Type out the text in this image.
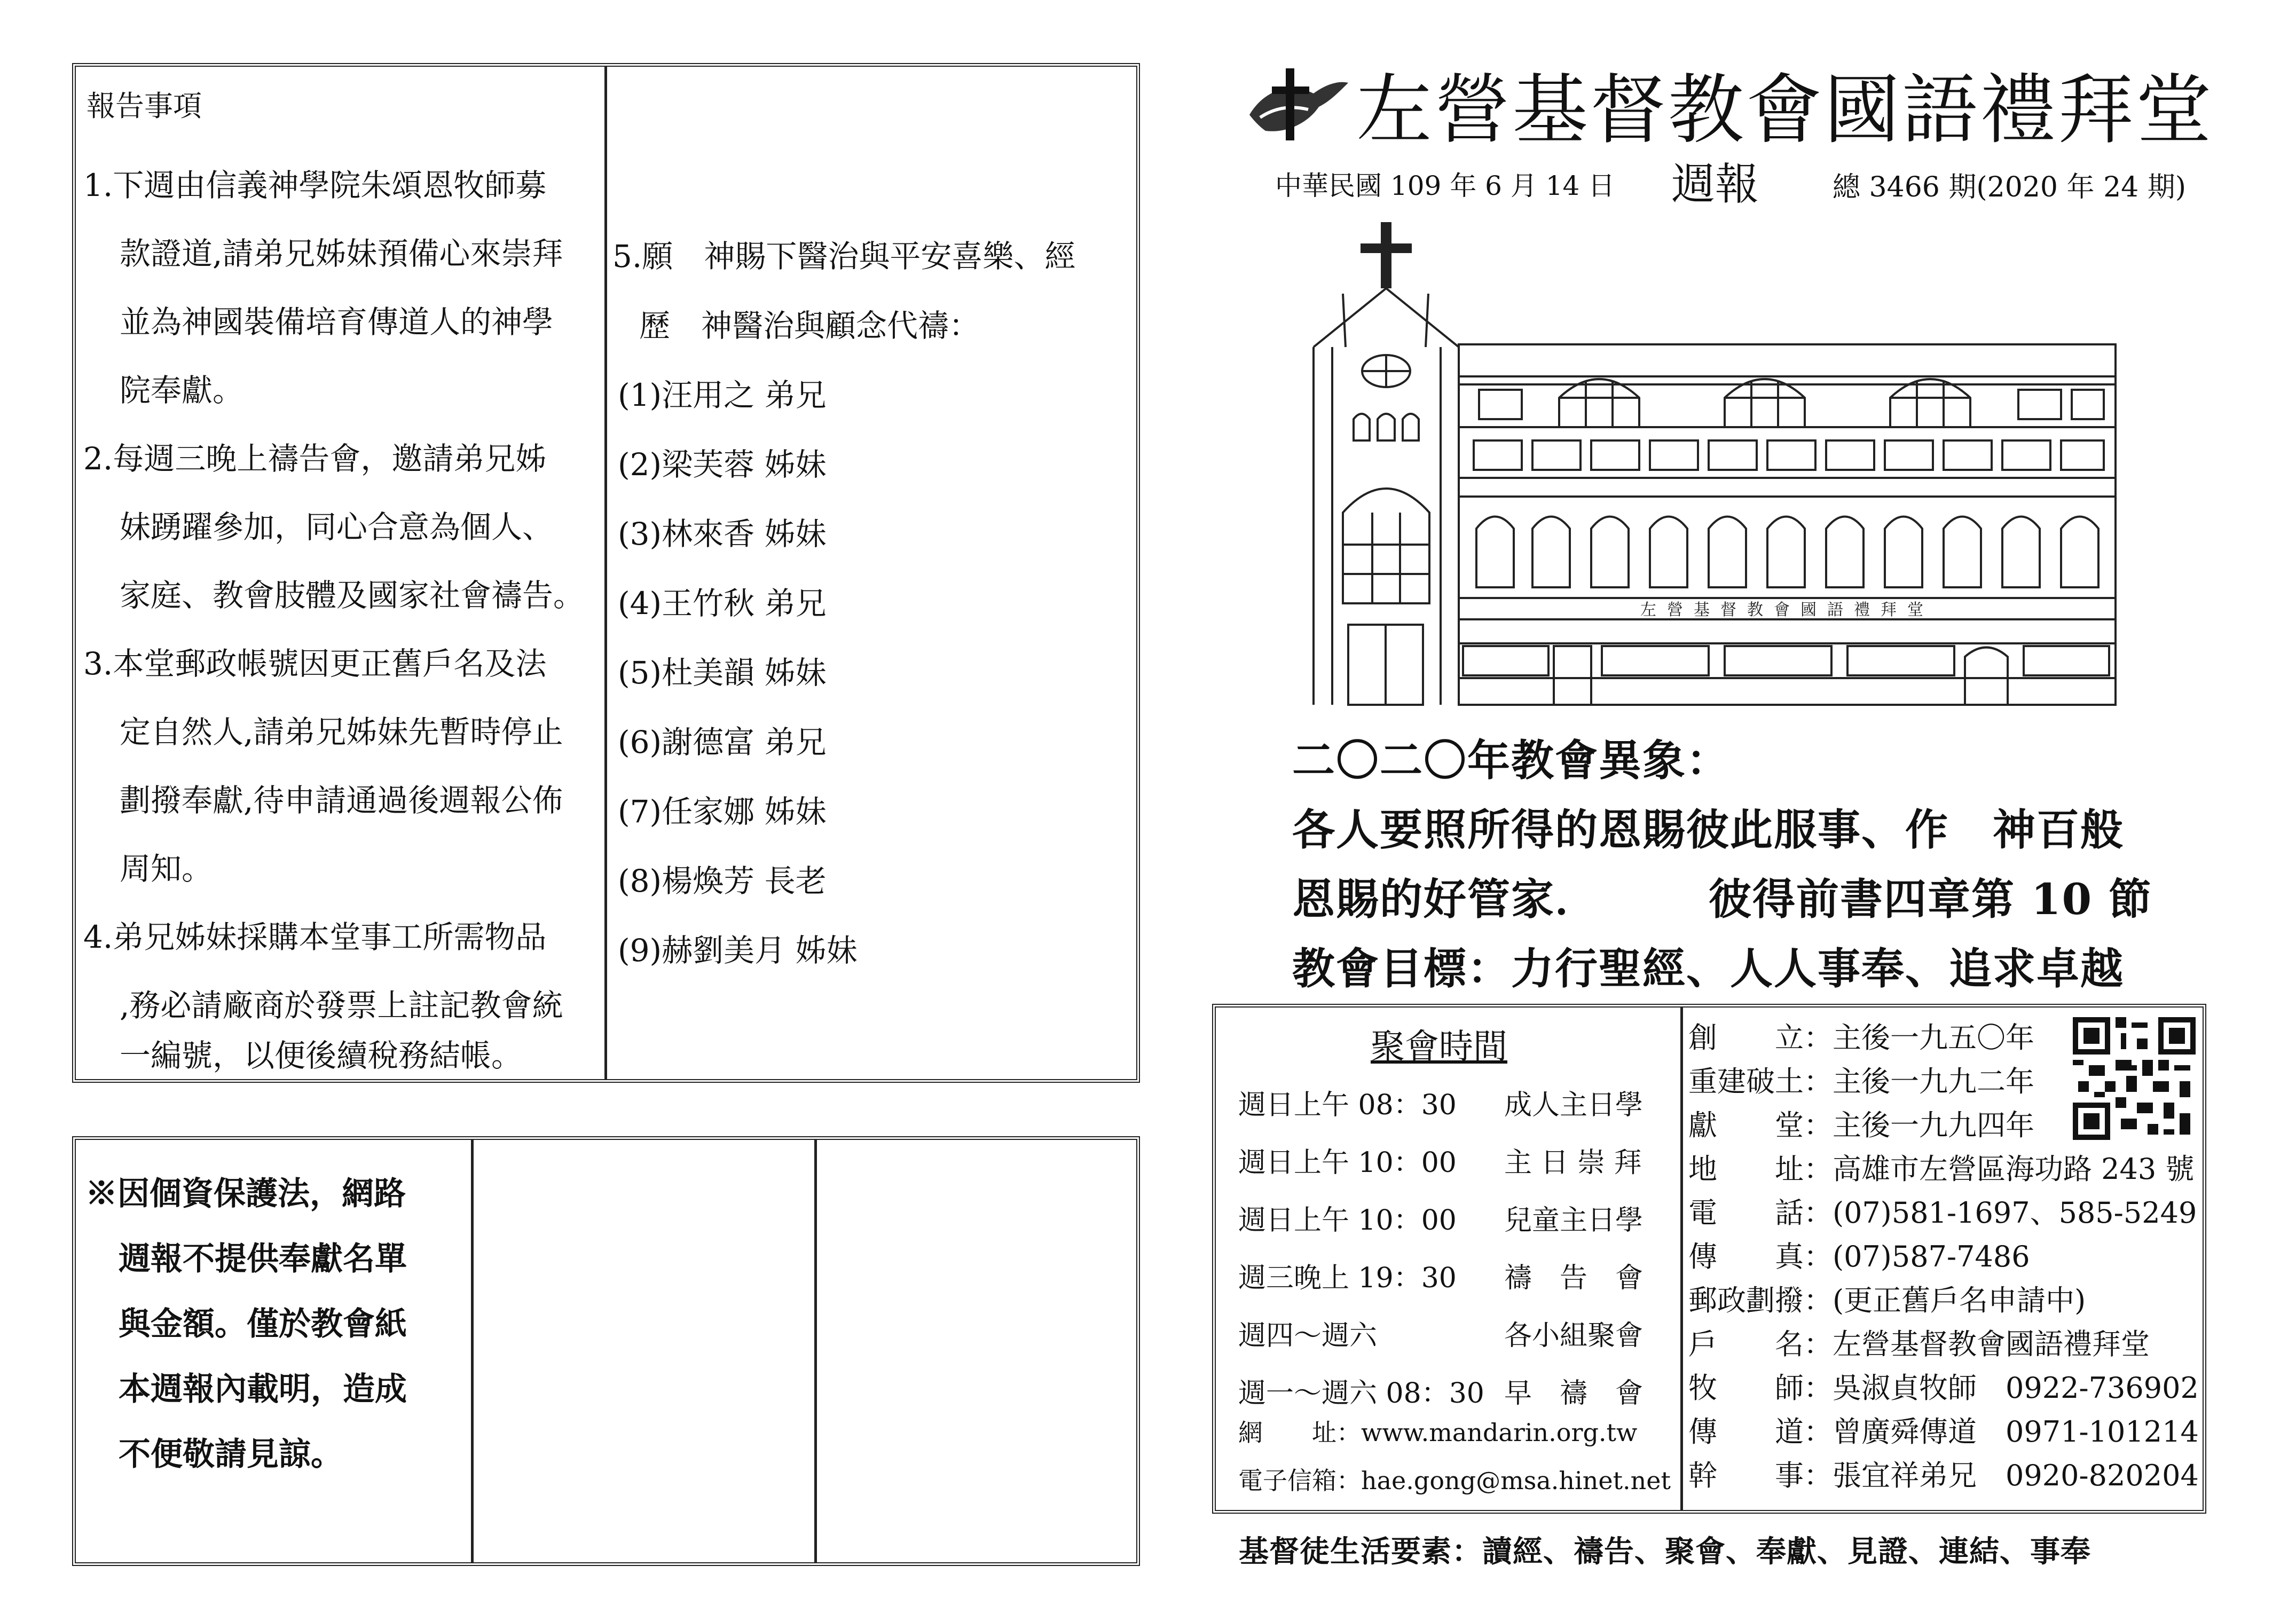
報告事項
1.下週由信義神學院朱頌恩牧師募
款證道,請弟兄姊妹預備心來崇拜
並為神國裝備培育傳道人的神學
院奉獻。
2.每週三晚上禱告會，邀請弟兄姊
妹踴躍參加，同心合意為個人、
家庭、教會肢體及國家社會禱告。
3.本堂郵政帳號因更正舊戶名及法
定自然人,請弟兄姊妹先暫時停止
劃撥奉獻,待申請通過後週報公佈
周知。
4.弟兄姊妹採購本堂事工所需物品
,務必請廠商於發票上註記教會統
一編號，以便後續稅務結帳。
5.願　神賜下醫治與平安喜樂、經
歷　神醫治與顧念代禱：
(1)汪用之 弟兄
(2)梁芙蓉 姊妹
(3)林來香 姊妹
(4)王竹秋 弟兄
(5)杜美韻 姊妹
(6)謝德富 弟兄
(7)任家娜 姊妹
(8)楊煥芳 長老
(9)赫劉美月 姊妹
※因個資保護法，網路
週報不提供奉獻名單
與金額。僅於教會紙
本週報內載明，造成
不便敬請見諒。
左營基督教會國語禮拜堂
中華民國 109 年 6 月 14 日 週報	總 3466 期(2020 年 24 期)
左營基督教會國語禮拜堂
二〇二〇年教會異象：
各人要照所得的恩賜彼此服事、作　神百般
恩賜的好管家．　　　彼得前書四章第 10 節
教會目標：力行聖經、人人事奉、追求卓越
聚會時間
週日上午 08：30 成人主日學
週日上午 10：00 主 日 崇 拜
週日上午 10：00 兒童主日學
週三晚上 19：30 禱　告　會
週四～週六	各小組聚會
週一～週六 08：30 早　禱　會
網　　址：www.mandarin.org.tw
電子信箱：hae.gong@msa.hinet.net
創　　立：主後一九五〇年
重建破土：主後一九九二年
獻　　堂：主後一九九四年
地　　址：高雄市左營區海功路 243 號
電　　話：(07)581-1697、585-5249
傳　　真：(07)587-7486
郵政劃撥：(更正舊戶名申請中)
戶　　名：左營基督教會國語禮拜堂
牧　　師：吳淑貞牧師　0922-736902
傳　　道：曾廣舜傳道　0971-101214
幹　　事：張宜祥弟兄　0920-820204
基督徒生活要素：讀經、禱告、聚會、奉獻、見證、連結、事奉
